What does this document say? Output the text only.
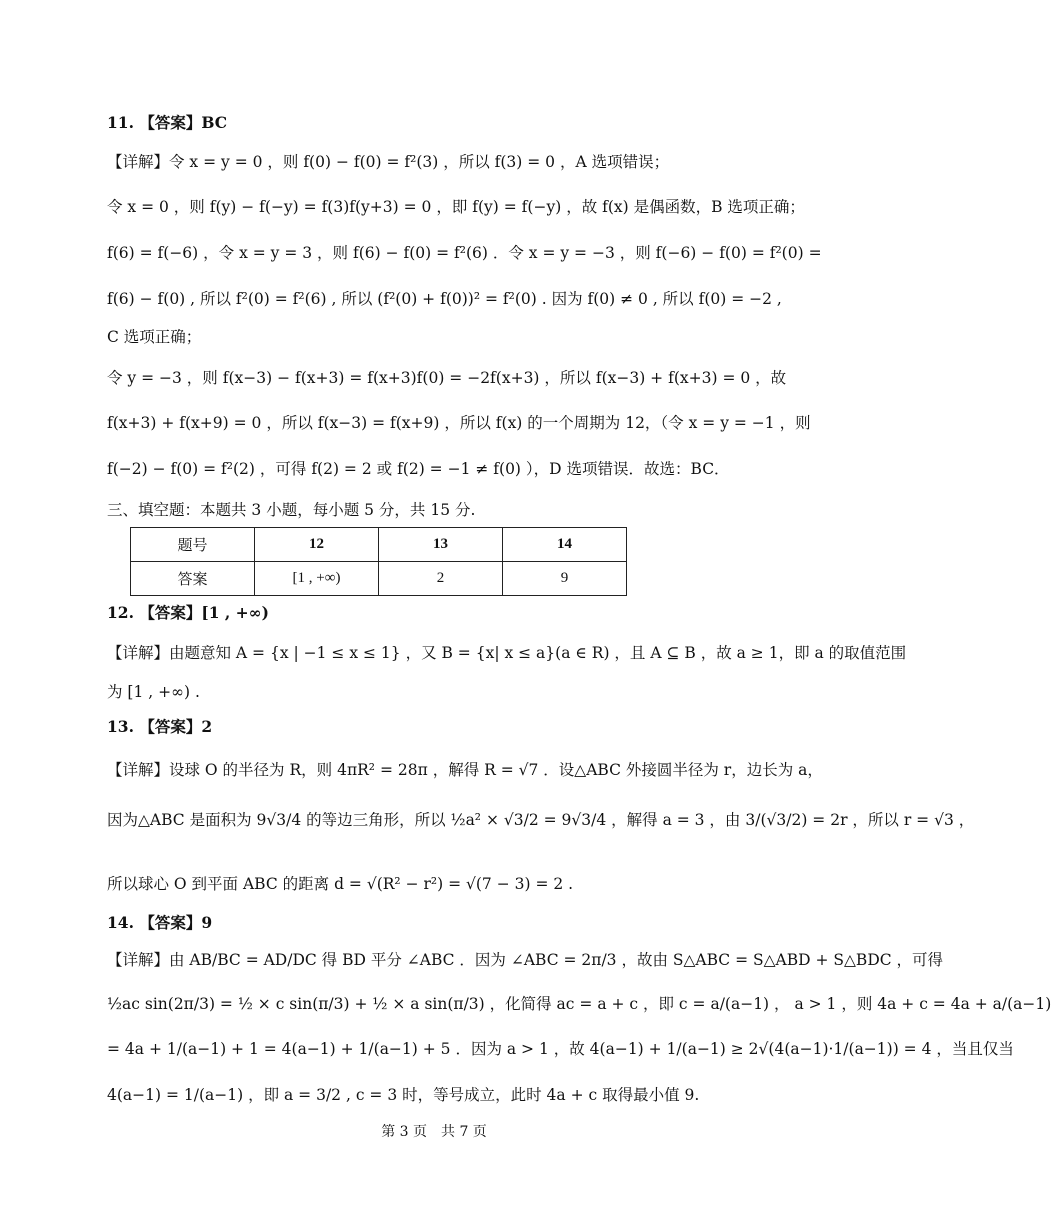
11. 【答案】BC
【详解】令 x = y = 0 ，则 f(0) − f(0) = f²(3) ，所以 f(3) = 0 ，A 选项错误；
令 x = 0 ，则 f(y) − f(−y) = f(3)f(y+3) = 0 ，即 f(y) = f(−y) ，故 f(x) 是偶函数，B 选项正确；
f(6) = f(−6) ，令 x = y = 3 ，则 f(6) − f(0) = f²(6) ．令 x = y = −3 ，则 f(−6) − f(0) = f²(0) =
f(6) − f(0) , 所以 f²(0) = f²(6) , 所以 (f²(0) + f(0))² = f²(0) . 因为 f(0) ≠ 0 , 所以 f(0) = −2 ,
C 选项正确；
令 y = −3 ，则 f(x−3) − f(x+3) = f(x+3)f(0) = −2f(x+3) ，所以 f(x−3) + f(x+3) = 0 ，故
f(x+3) + f(x+9) = 0 ，所以 f(x−3) = f(x+9) ，所以 f(x) 的一个周期为 12，（令 x = y = −1 ，则
f(−2) − f(0) = f²(2) ，可得 f(2) = 2 或 f(2) = −1 ≠ f(0) ），D 选项错误．故选：BC．
三、填空题：本题共 3 小题，每小题 5 分，共 15 分.
题号	12	13	14
答案	[1 , +∞)	2	9
12. 【答案】[1 , +∞)
【详解】由题意知 A = {x | −1 ≤ x ≤ 1} ，又 B = {x| x ≤ a}(a ∈ R) ，且 A ⊆ B ，故 a ≥ 1，即 a 的取值范围
为 [1 , +∞) .
13. 【答案】2
【详解】设球 O 的半径为 R，则 4πR² = 28π ，解得 R = √7 ．设△ABC 外接圆半径为 r，边长为 a，
因为△ABC 是面积为 9√3/4 的等边三角形，所以 ½a² × √3/2 = 9√3/4 ，解得 a = 3 ，由 3/(√3/2) = 2r ，所以 r = √3 ，
所以球心 O 到平面 ABC 的距离 d = √(R² − r²) = √(7 − 3) = 2 .
14. 【答案】9
【详解】由 AB/BC = AD/DC 得 BD 平分 ∠ABC ．因为 ∠ABC = 2π/3 ，故由 S△ABC = S△ABD + S△BDC ，可得
½ac sin(2π/3) = ½ × c sin(π/3) + ½ × a sin(π/3) ，化简得 ac = a + c ，即 c = a/(a−1) ， a > 1 ，则 4a + c = 4a + a/(a−1)
= 4a + 1/(a−1) + 1 = 4(a−1) + 1/(a−1) + 5 ．因为 a > 1 ，故 4(a−1) + 1/(a−1) ≥ 2√(4(a−1)·1/(a−1)) = 4 ，当且仅当
4(a−1) = 1/(a−1) ，即 a = 3/2 , c = 3 时，等号成立，此时 4a + c 取得最小值 9.
第 3 页　共 7 页
